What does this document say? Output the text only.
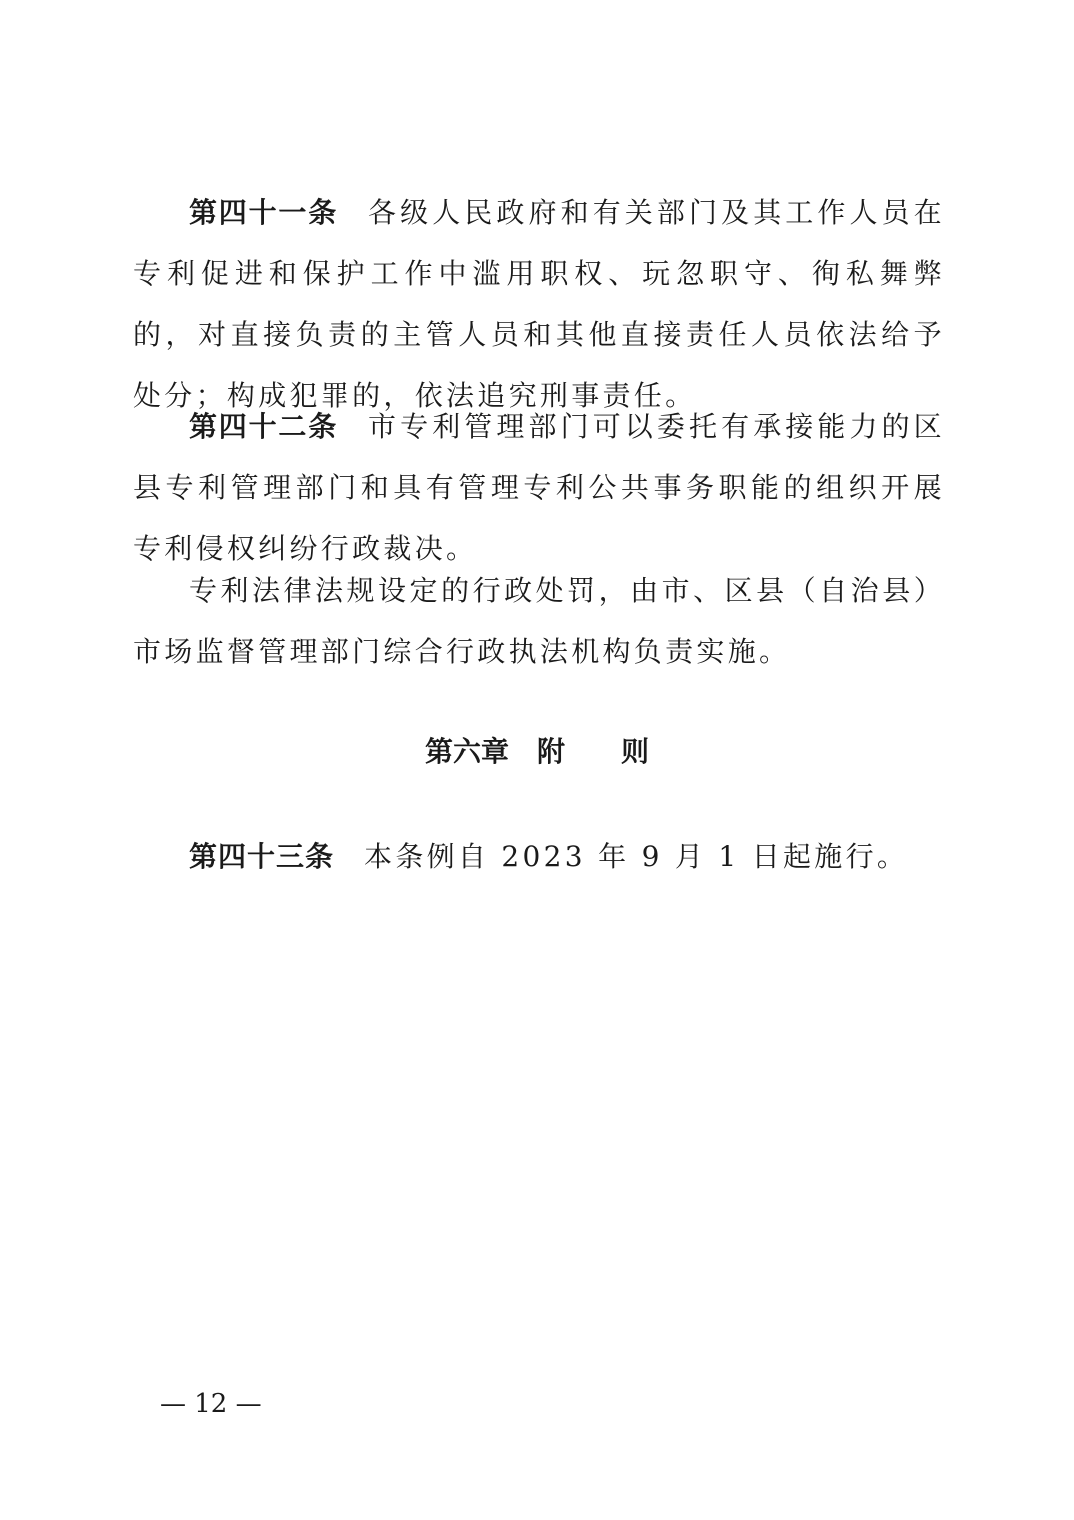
第四十一条 各级人民政府和有关部门及其工作人员在专利促进和保护工作中滥用职权、玩忽职守、徇私舞弊的，对直接负责的主管人员和其他直接责任人员依法给予处分；构成犯罪的，依法追究刑事责任。

第四十二条 市专利管理部门可以委托有承接能力的区县专利管理部门和具有管理专利公共事务职能的组织开展专利侵权纠纷行政裁决。

专利法律法规设定的行政处罚，由市、区县（自治县）市场监督管理部门综合行政执法机构负责实施。

第六章　附　　则

第四十三条 本条例自 2023 年 9 月 1 日起施行。

— 12 —
